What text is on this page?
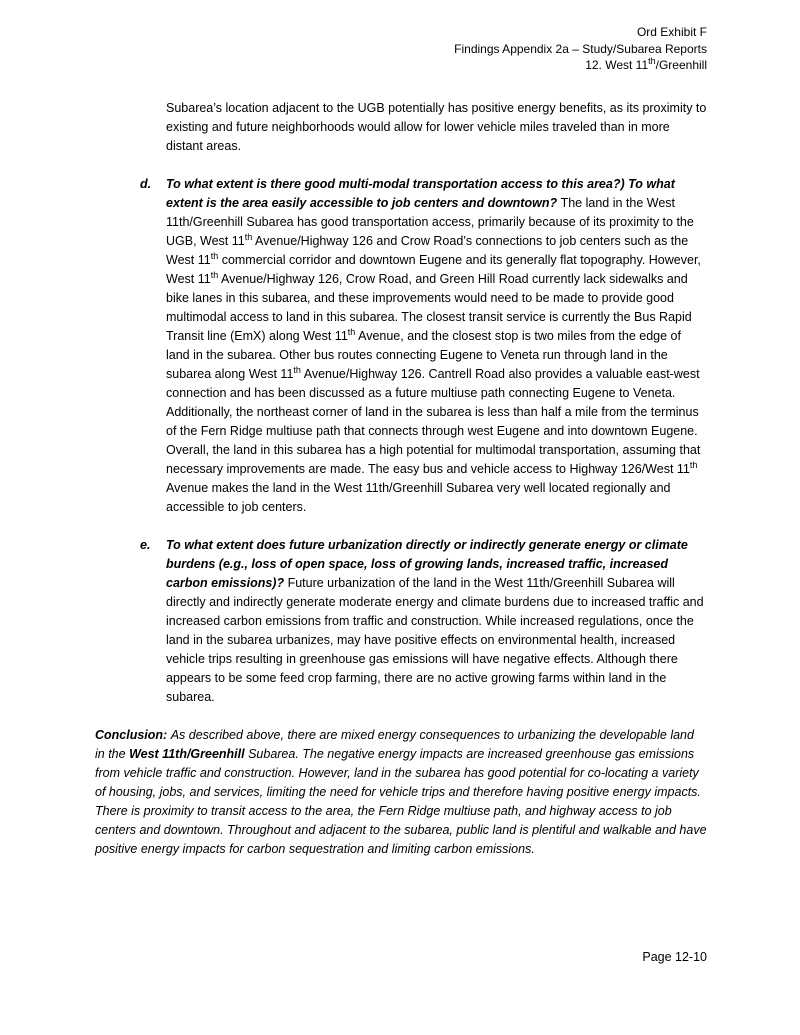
Ord Exhibit F
Findings Appendix 2a – Study/Subarea Reports
12. West 11th/Greenhill

Subarea’s location adjacent to the UGB potentially has positive energy benefits, as its proximity to existing and future neighborhoods would allow for lower vehicle miles traveled than in more distant areas.

d.	To what extent is there good multi-modal transportation access to this area?) To what extent is the area easily accessible to job centers and downtown? The land in the West 11th/Greenhill Subarea has good transportation access, primarily because of its proximity to the UGB, West 11th Avenue/Highway 126 and Crow Road’s connections to job centers such as the West 11th commercial corridor and downtown Eugene and its generally flat topography. However, West 11th Avenue/Highway 126, Crow Road, and Green Hill Road currently lack sidewalks and bike lanes in this subarea, and these improvements would need to be made to provide good multimodal access to land in this subarea. The closest transit service is currently the Bus Rapid Transit line (EmX) along West 11th Avenue, and the closest stop is two miles from the edge of land in the subarea. Other bus routes connecting Eugene to Veneta run through land in the subarea along West 11th Avenue/Highway 126. Cantrell Road also provides a valuable east-west connection and has been discussed as a future multiuse path connecting Eugene to Veneta. Additionally, the northeast corner of land in the subarea is less than half a mile from the terminus of the Fern Ridge multiuse path that connects through west Eugene and into downtown Eugene. Overall, the land in this subarea has a high potential for multimodal transportation, assuming that necessary improvements are made. The easy bus and vehicle access to Highway 126/West 11th Avenue makes the land in the West 11th/Greenhill Subarea very well located regionally and accessible to job centers.
e.	To what extent does future urbanization directly or indirectly generate energy or climate burdens (e.g., loss of open space, loss of growing lands, increased traffic, increased carbon emissions)? Future urbanization of the land in the West 11th/Greenhill Subarea will directly and indirectly generate moderate energy and climate burdens due to increased traffic and increased carbon emissions from traffic and construction. While increased regulations, once the land in the subarea urbanizes, may have positive effects on environmental health, increased vehicle trips resulting in greenhouse gas emissions will have negative effects. Although there appears to be some feed crop farming, there are no active growing farms within land in the subarea.

Conclusion: As described above, there are mixed energy consequences to urbanizing the developable land in the West 11th/Greenhill Subarea. The negative energy impacts are increased greenhouse gas emissions from vehicle traffic and construction. However, land in the subarea has good potential for co-locating a variety of housing, jobs, and services, limiting the need for vehicle trips and therefore having positive energy impacts. There is proximity to transit access to the area, the Fern Ridge multiuse path, and highway access to job centers and downtown. Throughout and adjacent to the subarea, public land is plentiful and walkable and have positive energy impacts for carbon sequestration and limiting carbon emissions.

Page 12-10
